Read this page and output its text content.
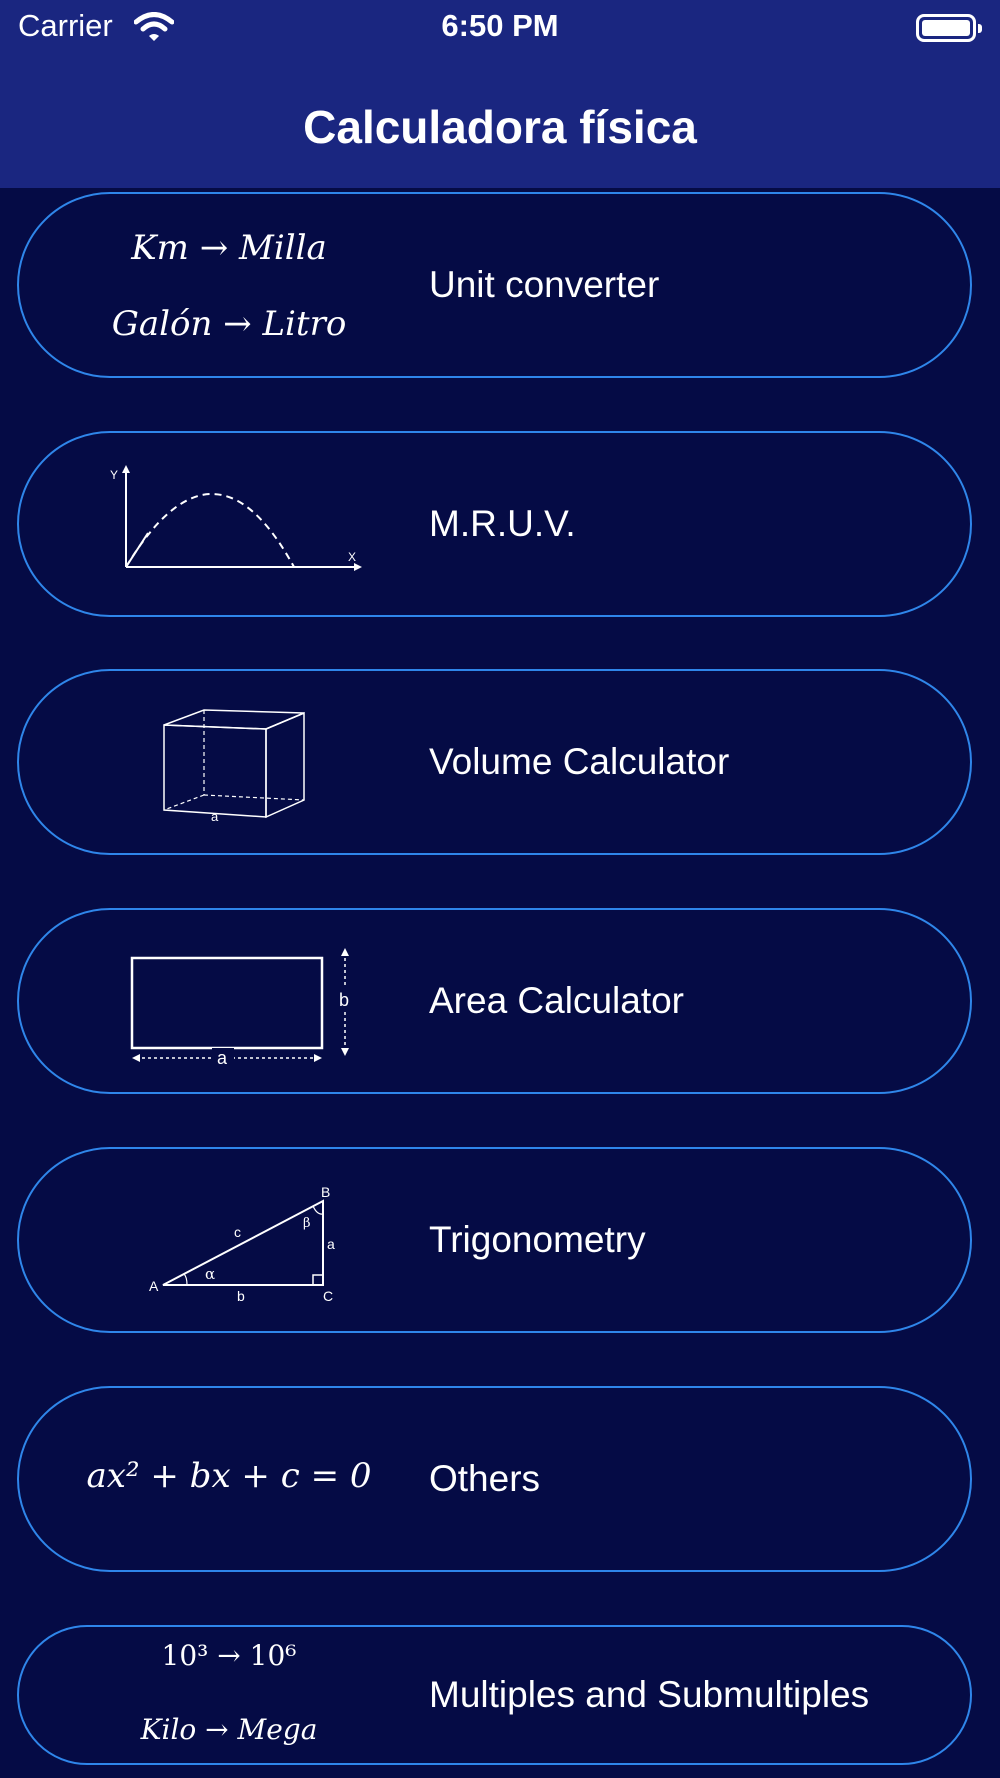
Carrier	6:50 PM
Calculadora física
Km → Milla
Galón → Litro
Unit converter
Y
X
M.R.U.V.
a
Volume Calculator
b
a
Area Calculator
A
B
C
a
b
c
α
β	Trigonometry
ax² + bx + c = 0	Others
10³ → 10⁶
Kilo → Mega
Multiples and Submultiples
